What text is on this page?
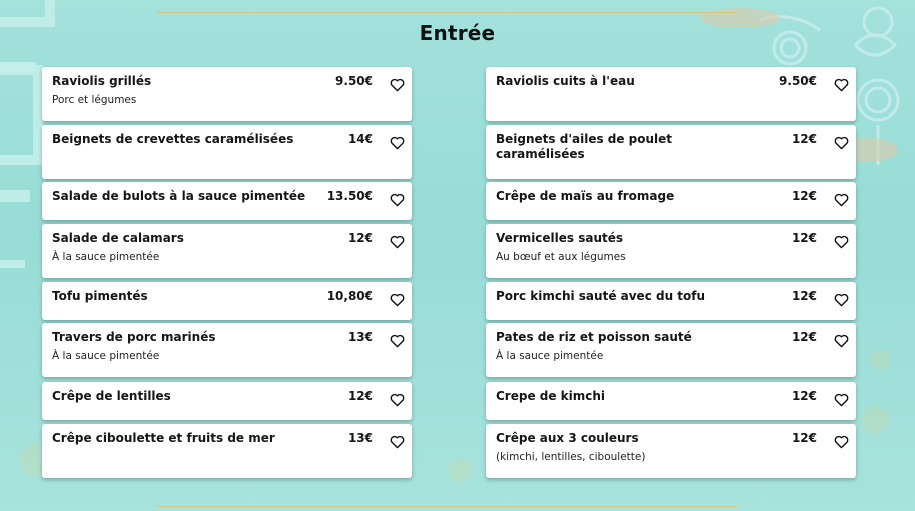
Entrée
Raviolis grillés	9.50€
Porc et légumes
Beignets de crevettes caramélisées	14€
Salade de bulots à la sauce pimentée	13.50€
Salade de calamars	12€
À la sauce pimentée
Tofu pimentés	10,80€
Travers de porc marinés	13€
À la sauce pimentée
Crêpe de lentilles	12€
Crêpe ciboulette et fruits de mer	13€
Raviolis cuits à l'eau	9.50€
Beignets d'ailes de poulet caramélisées
12€
Crêpe de maïs au fromage	12€
Vermicelles sautés	12€
Au bœuf et aux légumes
Porc kimchi sauté avec du tofu	12€
Pates de riz et poisson sauté	12€
À la sauce pimentée
Crepe de kimchi	12€
Crêpe aux 3 couleurs	12€
(kimchi, lentilles, ciboulette)
